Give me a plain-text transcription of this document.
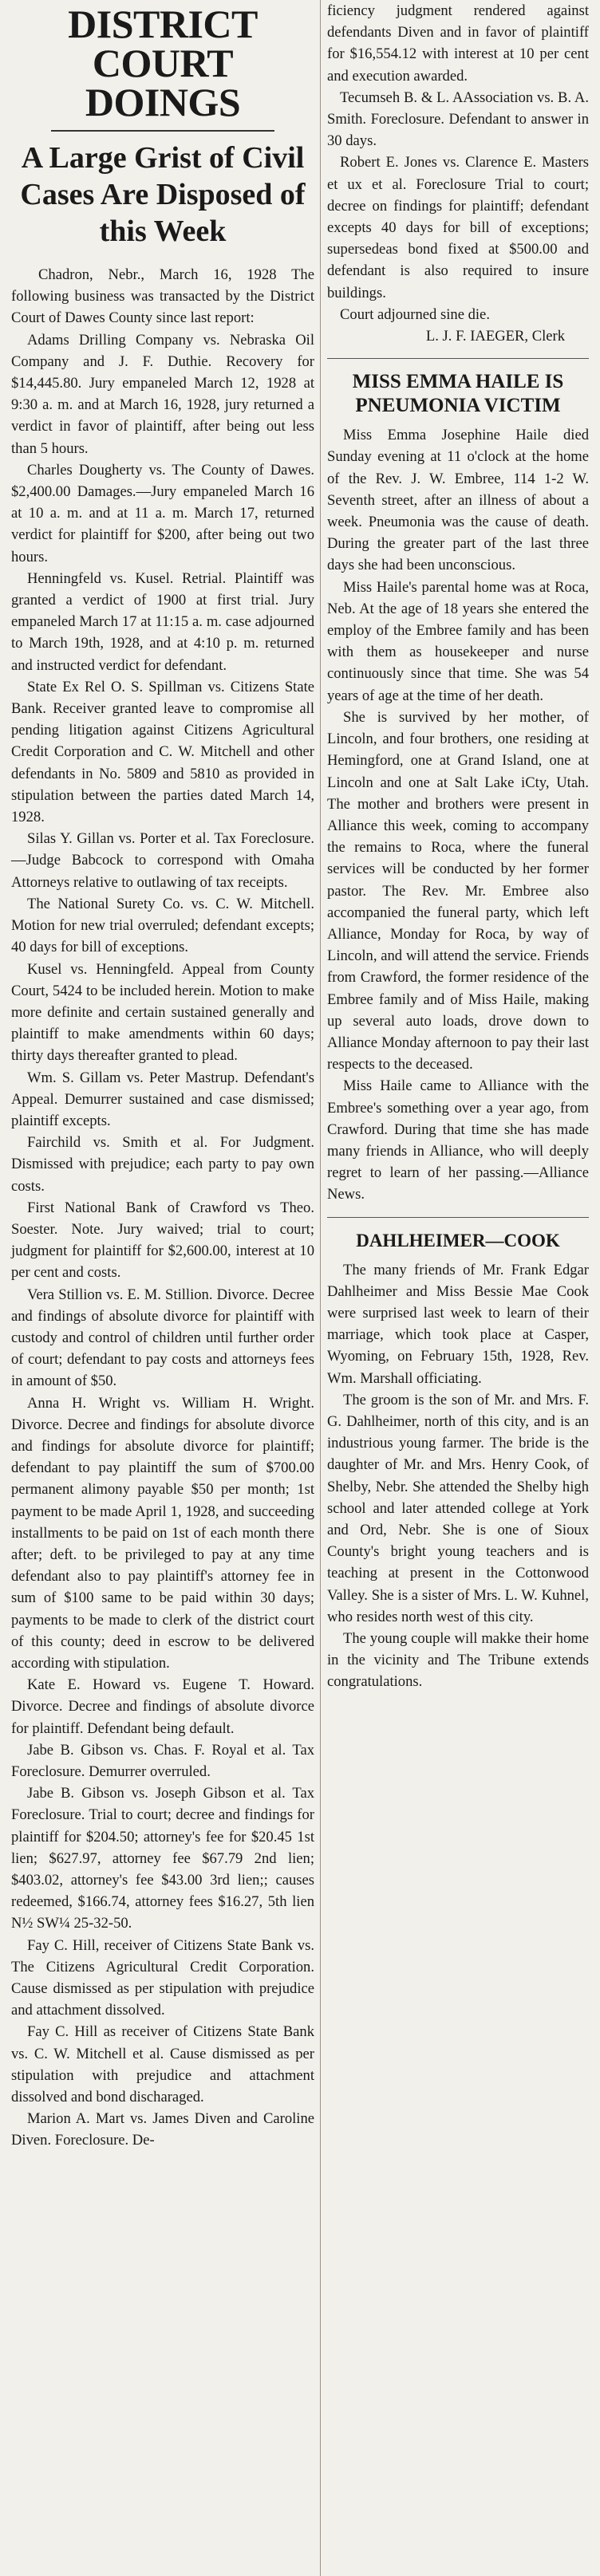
DISTRICT COURT DOINGS
A Large Grist of Civil Cases Are Disposed of this Week

Chadron, Nebr., March 16, 1928 The following business was transacted by the District Court of Dawes County since last report:

Adams Drilling Company vs. Nebraska Oil Company and J. F. Duthie. Recovery for $14,445.80. Jury empaneled March 12, 1928 at 9:30 a. m. and at March 16, 1928, jury returned a verdict in favor of plaintiff, after being out less than 5 hours.

Charles Dougherty vs. The County of Dawes. $2,400.00 Damages.—Jury empaneled March 16 at 10 a. m. and at 11 a. m. March 17, returned verdict for plaintiff for $200, after being out two hours.

Henningfeld vs. Kusel. Retrial. Plaintiff was granted a verdict of 1900 at first trial. Jury empaneled March 17 at 11:15 a. m. case adjourned to March 19th, 1928, and at 4:10 p. m. returned and instructed verdict for defendant.

State Ex Rel O. S. Spillman vs. Citizens State Bank. Receiver granted leave to compromise all pending litigation against Citizens Agricultural Credit Corporation and C. W. Mitchell and other defendants in No. 5809 and 5810 as provided in stipulation between the parties dated March 14, 1928.

Silas Y. Gillan vs. Porter et al. Tax Foreclosure.—Judge Babcock to correspond with Omaha Attorneys relative to outlawing of tax receipts.

The National Surety Co. vs. C. W. Mitchell. Motion for new trial overruled; defendant excepts; 40 days for bill of exceptions.

Kusel vs. Henningfeld. Appeal from County Court, 5424 to be included herein. Motion to make more definite and certain sustained generally and plaintiff to make amendments within 60 days; thirty days thereafter granted to plead.

Wm. S. Gillam vs. Peter Mastrup. Defendant's Appeal. Demurrer sustained and case dismissed; plaintiff excepts.

Fairchild vs. Smith et al. For Judgment. Dismissed with prejudice; each party to pay own costs.

First National Bank of Crawford vs Theo. Soester. Note. Jury waived; trial to court; judgment for plaintiff for $2,600.00, interest at 10 per cent and costs.

Vera Stillion vs. E. M. Stillion. Divorce. Decree and findings of absolute divorce for plaintiff with custody and control of children until further order of court; defendant to pay costs and attorneys fees in amount of $50.

Anna H. Wright vs. William H. Wright. Divorce. Decree and findings for absolute divorce and findings for absolute divorce for plaintiff; defendant to pay plaintiff the sum of $700.00 permanent alimony payable $50 per month; 1st payment to be made April 1, 1928, and succeeding installments to be paid on 1st of each month there after; deft. to be privileged to pay at any time defendant also to pay plaintiff's attorney fee in sum of $100 same to be paid within 30 days; payments to be made to clerk of the district court of this county; deed in escrow to be delivered according with stipulation.

Kate E. Howard vs. Eugene T. Howard. Divorce. Decree and findings of absolute divorce for plaintiff. Defendant being default.

Jabe B. Gibson vs. Chas. F. Royal et al. Tax Foreclosure. Demurrer overruled.

Jabe B. Gibson vs. Joseph Gibson et al. Tax Foreclosure. Trial to court; decree and findings for plaintiff for $204.50; attorney's fee for $20.45 1st lien; $627.97, attorney fee $67.79 2nd lien; $403.02, attorney's fee $43.00 3rd lien;; causes redeemed, $166.74, attorney fees $16.27, 5th lien N½ SW¼ 25-32-50.

Fay C. Hill, receiver of Citizens State Bank vs. The Citizens Agricultural Credit Corporation. Cause dismissed as per stipulation with prejudice and attachment dissolved.

Fay C. Hill as receiver of Citizens State Bank vs. C. W. Mitchell et al. Cause dismissed as per stipulation with prejudice and attachment dissolved and bond discharaged.

Marion A. Mart vs. James Diven and Caroline Diven. Foreclosure. De-

ficiency judgment rendered against defendants Diven and in favor of plaintiff for $16,554.12 with interest at 10 per cent and execution awarded.

Tecumseh B. & L. AAssociation vs. B. A. Smith. Foreclosure. Defendant to answer in 30 days.

Robert E. Jones vs. Clarence E. Masters et ux et al. Foreclosure Trial to court; decree on findings for plaintiff; defendant excepts 40 days for bill of exceptions; supersedeas bond fixed at $500.00 and defendant is also required to insure buildings.

Court adjourned sine die.

L. J. F. IAEGER, Clerk

MISS EMMA HAILE IS PNEUMONIA VICTIM

Miss Emma Josephine Haile died Sunday evening at 11 o'clock at the home of the Rev. J. W. Embree, 114 1-2 W. Seventh street, after an illness of about a week. Pneumonia was the cause of death. During the greater part of the last three days she had been unconscious.

Miss Haile's parental home was at Roca, Neb. At the age of 18 years she entered the employ of the Embree family and has been with them as housekeeper and nurse continuously since that time. She was 54 years of age at the time of her death.

She is survived by her mother, of Lincoln, and four brothers, one residing at Hemingford, one at Grand Island, one at Lincoln and one at Salt Lake iCty, Utah. The mother and brothers were present in Alliance this week, coming to accompany the remains to Roca, where the funeral services will be conducted by her former pastor. The Rev. Mr. Embree also accompanied the funeral party, which left Alliance, Monday for Roca, by way of Lincoln, and will attend the service. Friends from Crawford, the former residence of the Embree family and of Miss Haile, making up several auto loads, drove down to Alliance Monday afternoon to pay their last respects to the deceased.

Miss Haile came to Alliance with the Embree's something over a year ago, from Crawford. During that time she has made many friends in Alliance, who will deeply regret to learn of her passing.—Alliance News.

DAHLHEIMER—COOK

The many friends of Mr. Frank Edgar Dahlheimer and Miss Bessie Mae Cook were surprised last week to learn of their marriage, which took place at Casper, Wyoming, on February 15th, 1928, Rev. Wm. Marshall officiating.

The groom is the son of Mr. and Mrs. F. G. Dahlheimer, north of this city, and is an industrious young farmer. The bride is the daughter of Mr. and Mrs. Henry Cook, of Shelby, Nebr. She attended the Shelby high school and later attended college at York and Ord, Nebr. She is one of Sioux County's bright young teachers and is teaching at present in the Cottonwood Valley. She is a sister of Mrs. L. W. Kuhnel, who resides north west of this city.

The young couple will makke their home in the vicinity and The Tribune extends congratulations.
